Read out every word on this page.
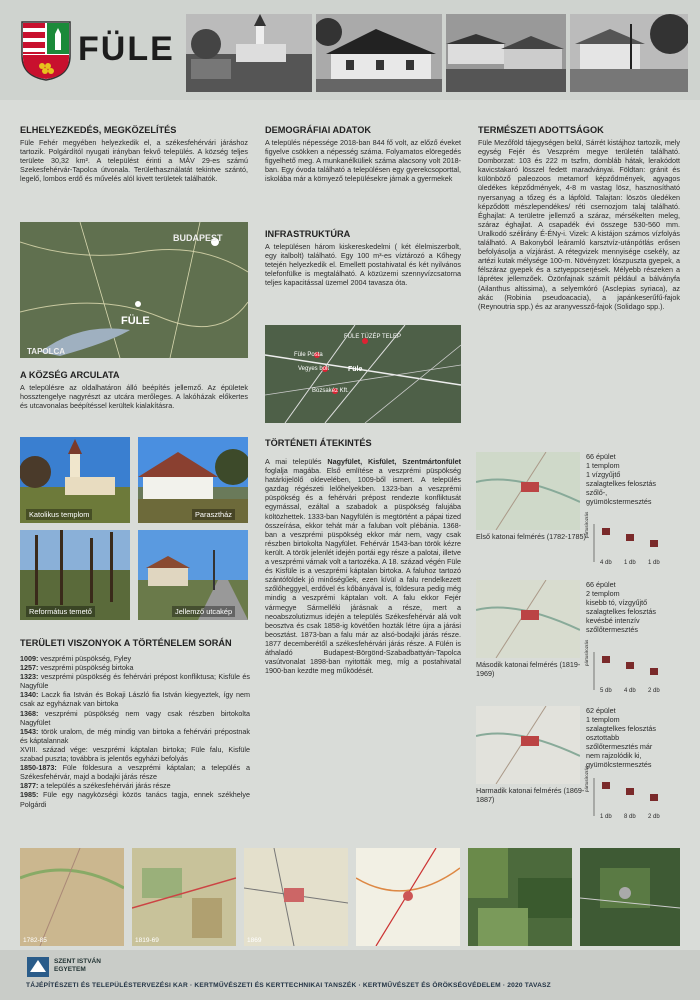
FÜLE
ELHELYEZKEDÉS, MEGKÖZELÍTÉS

Füle Fehér megyében helyezkedik el, a székesfehérvári járáshoz tartozik. Polgárdítól nyugati irányban fekvő település. A község teljes területe 30,32 km². A települést érinti a MÁV 29-es számú Szekesfehérvár-Tapolca útvonala. Területhasználatát tekintve szántó, legelő, lombos erdő és művelés alól kivett területek találhatók.

BUDAPEST
FÜLE
TAPOLCA
A KÖZSÉG ARCULATA

A településre az oldalhatáron álló beépítés jellemző. Az épületek hossztengelye nagyrészt az utcára merőleges. A lakóházak előkertes és utcavonalas beépítéssel kerültek kialakításra.

Katolikus templom	Parasztház
Református temető	Jellemző utcakép
TERÜLETI VISZONYOK A TÖRTÉNELEM SORÁN
1009: veszprémi püspökség, Fyley
1257: veszprémi püspökség birtoka
1323: veszprémi püspökség és fehérvári prépost konfliktusa; Kisfüle és Nagyfüle
1340: Laczk fia István és Bokaji László fia István kiegyeztek, így nem csak az egyháznak van birtoka
1368: veszprémi püspökség nem vagy csak részben birtokolta Nagyfület
1543: török uralom, de még mindig van birtoka a fehérvári prépostnak és káptalannak
XVIII. század vége: veszprémi káptalan birtoka; Füle falu, Kisfüle szabad puszta; továbbra is jelentős egyházi befolyás
1850-1873: Füle földesura a veszprémi káptalan; a település a Székesfehérvár, majd a bodajki járás része
1877: a település a székesfehérvári járás része
1985: Füle egy nagyközségi közös tanács tagja, ennek székhelye Polgárdi
DEMOGRÁFIAI ADATOK

A település népessége 2018-ban 844 fő volt, az előző éveket figyelve csökken a népesség száma. Folyamatos elöregedés figyelhető meg. A munkanélküliek száma alacsony volt 2018-ban. Egy óvoda található a településen egy gyerekcsoporttal, iskolába már a környező településekre járnak a gyermekek

INFRASTRUKTÚRA

A településen három kiskereskedelmi ( két élelmiszerbolt, egy italbolt) található. Egy 100 m³-es víztározó a Kőhegy tetején helyezkedik el. Emellett postahivatal és két nyilvános telefonfülke is megtalálható. A közüzemi szennyvízcsatorna teljes kapacitással üzemel 2004 tavasza óta.

FÜLE TÜZÉP TELEP
Füle Posta
Vegyes bolt	Füle
Bozsakéz Kft.
TÖRTÉNETI ÁTEKINTÉS

A mai település Nagyfület, Kisfület, Szentmártonfület foglalja magába. Első említése a veszprémi püspökség határkijelölő oklevelében, 1009-ből ismert. A település gazdag régészeti lelőhelyekben. 1323-ban a veszprémi püspökség és a fehérvári prépost rendezte konfliktusát egymással, ezáltal a szabadok a püspökség falujába költözhettek. 1333-ban Nagyfülén is megtörtént a pápai tized összeírása, ekkor tehát már a faluban volt plébánia. 1368-ban a veszprémi püspökség ekkor már nem, vagy csak részben birtokolta Nagyfület. Fehérvár 1543-ban török kézre került. A török jelenlét idején portái egy része a palotai, illetve a veszprémi várnak volt a tartozéka. A 18. század végén Füle és Kisfüle is a veszprémi káptalan birtoka. A faluhoz tartozó szántóföldek jó minőségűek, ezen kívül a falu rendelkezett szőlőheggyel, erdővel és kőbányával is, földesura pedig még mindig a veszprémi káptalan volt. A falu ekkor Fejér vármegye Sármelléki járásnak a része, mert a neoabszolutizmus idején a település Székesfehérvár alá volt beosztva és csak 1858-ig kövétően hozták létre újra a járási beosztást. 1873-ban a falu már az alsó-bodajki járás része. 1877 decemberétől a székesfehérvári járás része. A Fülén is áthaladó Budapest-Börgönd-Szabadbattyán-Tapolca vasútvonalat 1898-ban nyitották meg, míg a postahivatal 1900-ban kezdte meg működését.

TERMÉSZETI ADOTTSÁGOK

Füle Mezőföld tájegységen belül, Sárrét kistájhoz tartozik, mely egység Fejér és Veszprém megye területén található. Domborzat: 103 és 222 m tszfm, dombláb hátak, lerakódott kavicstakaró lösszel fedett maradványai. Földtan: gránit és különböző paleozoos metamorf képződmények, agyagos üledékes képződmények, 4-8 m vastag lösz, hasznosítható nyersanyag a tőzeg és a lápföld. Talajtan: löszös üledéken képződött mészlependékes/ réti csernozjom talaj található. Éghajlat: A területre jellemző a száraz, mérsékelten meleg, száraz éghajlat. A csapadék évi összege 530-560 mm. Uralkodó szélirány É-ÉNy-i. Vizek: A kistájon számos vízfolyás található. A Bakonyból leáramló karsztvíz-utánpótlás erősen befolyásolja a vízjárást. A rétegvizek mennyisége csekély, az artézi kutak mélysége 100-m. Növényzet: lószpuszta gyepek, a félszáraz gyepek és a sztyeppcserjések. Mélyebb részeken a lápréteк jellemzőek. Özönfajnak számít például a bálványfa (Ailanthus altissima), a selyemkóró (Asclepias syriaca), az akác (Robinia pseudoacacia), a japánkeserűfű-fajok (Reynoutria spp.) és az aranyvessző-fajok (Solidago spp.).

66 épület
1 templom
1 vízgyűjtő
szalagtelkes felosztás
szőlő-,
gyümölcstermesztés
Első katonai felmérés (1782-1785)
4 db 1 db 1 db
pártusírozrás
66 épület
2 templom
kisebb tó, vízgyűjtő
szalagtelkes felosztás
kevésbé intenzív
szőlőtermesztés
Második katonai felmérés (1819-1969)
5 db 4 db 2 db
pártusírozrás
62 épület
1 templom
szalagtelkes felosztás
osztottabb
szőlőtermesztés már
nem rajzolódik ki,
gyümölcstermesztés
Harmadik katonai felmérés (1869-1887)
1 db 8 db 2 db
pártusírozrás
1782-85	1819-69	1869
SZENT ISTVÁN EGYETEM
TÁJÉPÍTÉSZETI ÉS TELEPÜLÉSTERVEZÉSI KAR · KERTMŰVÉSZETI ÉS KERTTECHNIKAI TANSZÉK · KERTMŰVÉSZET ÉS ÖRÖKSÉGVÉDELEM · 2020 TAVASZ
